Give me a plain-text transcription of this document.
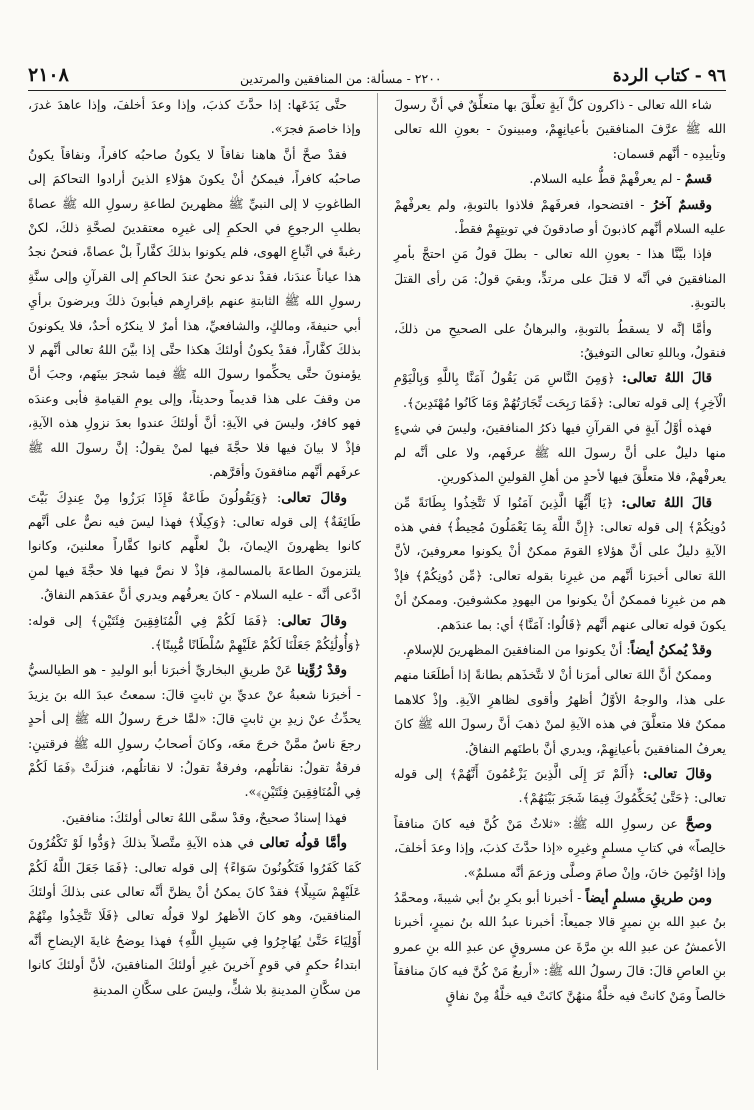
٩٦ - كتاب الردة
٢٢٠٠ - مسألة: من المنافقين والمرتدين
٢١٠٨

شاء الله تعالى - ذاكرون كلَّ آيةٍ تعلَّقَ بها متعلِّقٌ في أنَّ رسولَ الله ﷺ عرَّفَ المنافقينَ بأعيانِهِمْ، ومبينونَ - بعونِ الله تعالى وتأييدِه - أنَّهم قسمان:

قسمٌ - لم يعرفْهمْ قطُّ عليه السلام.

وقسمٌ آخرُ - افتضحوا، فعرفَهمْ فلاذوا بالتوبةِ، ولم يعرفْهمْ عليه السلام أنَّهم كاذبونَ أو صادقونَ في توبتِهِمْ فقطْ.

فإذا بيَّنَّا هذا - بعونِ الله تعالى - بطلَ قولُ مَنِ احتجَّ بأمرِ المنافقينَ في أنَّه لا قتلَ على مرتدٍّ، وبقيَ قولُ: مَن رأى القتلَ بالتوبةِ.

وأمَّا إنَّه لا يسقطُ بالتوبةِ، والبرهانُ على الصحيحِ من ذلكَ، فنقولُ، وباللهِ تعالى التوفيقُ:

قالَ اللهُ تعالى: ﴿وَمِنَ النَّاسِ مَن يَقُولُ آمَنَّا بِاللَّهِ وَبِالْيَوْمِ الْآخِرِ﴾ إلى قوله تعالى: ﴿فَمَا رَبِحَت تِّجَارَتُهُمْ وَمَا كَانُوا مُهْتَدِينَ﴾.

فهذه أوَّلُ آيةٍ في القرآنِ فيها ذكرُ المنافقينَ، وليسَ في شيءٍ منها دليلٌ على أنَّ رسولَ الله ﷺ عرفَهم، ولا على أنَّه لم يعرفْهمْ، فلا متعلَّقَ فيها لأحدٍ من أهلِ القولينِ المذكورينِ.

قالَ اللهُ تعالى: ﴿يَا أَيُّهَا الَّذِينَ آمَنُوا لَا تَتَّخِذُوا بِطَانَةً مِّن دُونِكُمْ﴾ إلى قوله تعالى: ﴿إِنَّ اللَّهَ بِمَا يَعْمَلُونَ مُحِيطٌ﴾ ففي هذه الآيةِ دليلٌ على أنَّ هؤلاءِ القومَ ممكنٌ أنْ يكونوا معروفينَ، لأنَّ اللهَ تعالى أخبرَنا أنَّهم من غيرِنا بقوله تعالى: ﴿مِّن دُونِكُمْ﴾ فإذْ هم من غيرِنا فممكنٌ أنْ يكونوا من اليهودِ مكشوفينَ. وممكنٌ أنْ يكونَ قوله تعالى عنهم أنَّهم ﴿قَالُوا: آمَنَّا﴾ أي: بما عندَهم.

وقدْ يُمكنُ أيضاً: أنْ يكونوا من المنافقينَ المظهرينَ للإسلامِ.

وممكنٌ أنَّ اللهَ تعالى أمرَنا أنْ لا نتَّخذَهم بطانةً إذا أطلَعَنا منهم على هذا، والوجهُ الأوَّلُ أظهرُ وأقوى لظاهرِ الآيةِ. وإذْ كلاهما ممكنٌ فلا متعلَّقَ في هذه الآيةِ لمنْ ذهبَ أنَّ رسولَ الله ﷺ كانَ يعرفُ المنافقينَ بأعيانِهِمْ، ويدري أنَّ باطنَهم النفاقُ.

وقالَ تعالى: ﴿أَلَمْ تَرَ إِلَى الَّذِينَ يَزْعُمُونَ أَنَّهُمْ﴾ إلى قوله تعالى: ﴿حَتَّىٰ يُحَكِّمُوكَ فِيمَا شَجَرَ بَيْنَهُمْ﴾.

وصحَّ عن رسولِ الله ﷺ: «ثلاثٌ مَنْ كُنَّ فيه كانَ منافقاً خالِصاً» في كتابِ مسلمٍ وغيرِه «إذا حدَّثَ كذبَ، وإذا وعدَ أخلفَ، وإذا اؤتُمِنَ خانَ، وإنْ صامَ وصلَّى وزعمَ أنَّه مسلمٌ».

ومن طريقِ مسلمٍ أيضاً - أخبرنا أبو بكرِ بنُ أبي شيبةَ، ومحمَّدُ بنُ عبدِ الله بنِ نميرٍ قالا جميعاً: أخبرنا عبدُ الله بنُ نميرٍ، أخبرنا الأعمشُ عن عبدِ الله بنِ مرَّةَ عن مسروقٍ عن عبدِ الله بنِ عمرو بنِ العاصِ قالَ: قالَ رسولُ الله ﷺ: «أربعٌ مَنْ كُنَّ فيه كانَ منافقاً خالصاً ومَنْ كانتْ فيه خلَّةٌ منهُنَّ كانَتْ فيه خلَّةٌ مِنْ نفاقٍ

حتَّى يَدَعَها: إذا حدَّثَ كذبَ، وإذا وعدَ أخلفَ، وإذا عاهدَ غدرَ، وإذا خاصمَ فجرَ».

فقدْ صحَّ أنَّ هاهنا نفاقاً لا يكونُ صاحبُه كافراً، ونفاقاً يكونُ صاحبُه كافراً، فيمكنُ أنْ يكونَ هؤلاءِ الذينَ أرادوا التحاكمَ إلى الطاغوتِ لا إلى النبيِّ ﷺ مظهرينَ لطاعةِ رسولِ الله ﷺ عصاةً بطلبِ الرجوعِ في الحكمِ إلى غيرِه معتقدينَ لصحَّةِ ذلكَ، لكنْ رغبةً في اتِّباعِ الهوى، فلم يكونوا بذلكَ كفَّاراً بلْ عصاةً، فنحنُ نجدُ هذا عياناً عندَنا، فقدْ ندعو نحنُ عندَ الحاكمِ إلى القرآنِ وإلى سنَّةِ رسولِ الله ﷺ الثابتةِ عنهم بإقرارِهم فيأبونَ ذلكَ ويرضونَ برأيِ أبي حنيفةَ، ومالكٍ، والشافعيِّ، هذا أمرٌ لا ينكرُه أحدٌ، فلا يكونونَ بذلكَ كفَّاراً، فقدْ يكونُ أولئكَ هكذا حتَّى إذا بيَّنَ اللهُ تعالى أنَّهم لا يؤمنونَ حتَّى يحكِّموا رسولَ الله ﷺ فيما شجرَ بينَهم، وجبَ أنَّ من وقفَ على هذا قديماً وحديثاً، وإلى يومِ القيامةِ فأبى وعندَه فهو كافرٌ، وليسَ في الآيةِ: أنَّ أولئكَ عندوا بعدَ نزولِ هذه الآيةِ، فإذْ لا بيانَ فيها فلا حجَّةَ فيها لمنْ يقولُ: إنَّ رسولَ الله ﷺ عرفَهم أنَّهم منافقونَ وأقرَّهم.

وقالَ تعالى: ﴿وَيَقُولُونَ طَاعَةٌ فَإِذَا بَرَزُوا مِنْ عِندِكَ بَيَّتَ طَائِفَةٌ﴾ إلى قوله تعالى: ﴿وَكِيلًا﴾ فهذا ليسَ فيه نصٌّ على أنَّهم كانوا يظهرونَ الإيمانَ، بلْ لعلَّهم كانوا كفَّاراً معلنينَ، وكانوا يلتزمونَ الطاعةَ بالمسالمةِ، فإذْ لا نصَّ فيها فلا حجَّةَ فيها لمنِ ادَّعى أنَّه - عليه السلام - كانَ يعرفُهم ويدري أنَّ عقدَهم النفاقُ.

وقالَ تعالى: ﴿فَمَا لَكُمْ فِي الْمُنَافِقِينَ فِئَتَيْنِ﴾ إلى قوله: ﴿وَأُولَٰئِكُمْ جَعَلْنَا لَكُمْ عَلَيْهِمْ سُلْطَانًا مُّبِينًا﴾.

وقدْ رُوِّينا عَنْ طريقِ البخاريِّ أخبرَنا أبو الوليدِ - هو الطيالسيُّ - أخبرَنا شعبةُ عنْ عديِّ بنِ ثابتٍ قالَ: سمعتُ عبدَ الله بنَ يزيدَ يحدِّثُ عنْ زيدِ بنِ ثابتٍ قالَ: «لمَّا خرجَ رسولُ الله ﷺ إلى أحدٍ رجعَ ناسٌ ممَّنْ خرجَ معَه، وكانَ أصحابُ رسولِ الله ﷺ فرقتينِ: فرقةٌ تقولُ: نقاتلُهم، وفرقةٌ تقولُ: لا نقاتلُهم، فنزلَتْ ﴿فَمَا لَكُمْ فِي الْمُنَافِقِينَ فِئَتَيْنِ﴾».

فهذا إسنادٌ صحيحٌ، وقدْ سمَّى اللهُ تعالى أولئكَ: منافقينَ.

وأمَّا قولُه تعالى في هذه الآيةِ متَّصلاً بذلكَ ﴿وَدُّوا لَوْ تَكْفُرُونَ كَمَا كَفَرُوا فَتَكُونُونَ سَوَاءً﴾ إلى قوله تعالى: ﴿فَمَا جَعَلَ اللَّهُ لَكُمْ عَلَيْهِمْ سَبِيلًا﴾ فقدْ كانَ يمكنُ أنْ يظنَّ أنَّه تعالى عنى بذلكَ أولئكَ المنافقينَ، وهو كانَ الأظهرُ لولا قولُه تعالى ﴿فَلَا تَتَّخِذُوا مِنْهُمْ أَوْلِيَاءَ حَتَّىٰ يُهَاجِرُوا فِي سَبِيلِ اللَّهِ﴾ فهذا يوضحُ غايةَ الإيضاحِ أنَّه ابتداءُ حكمٍ في قومٍ آخرينَ غيرِ أولئكَ المنافقينَ، لأنَّ أولئكَ كانوا من سكَّانِ المدينةِ بلا شكٍّ، وليسَ على سكَّانِ المدينةِ
